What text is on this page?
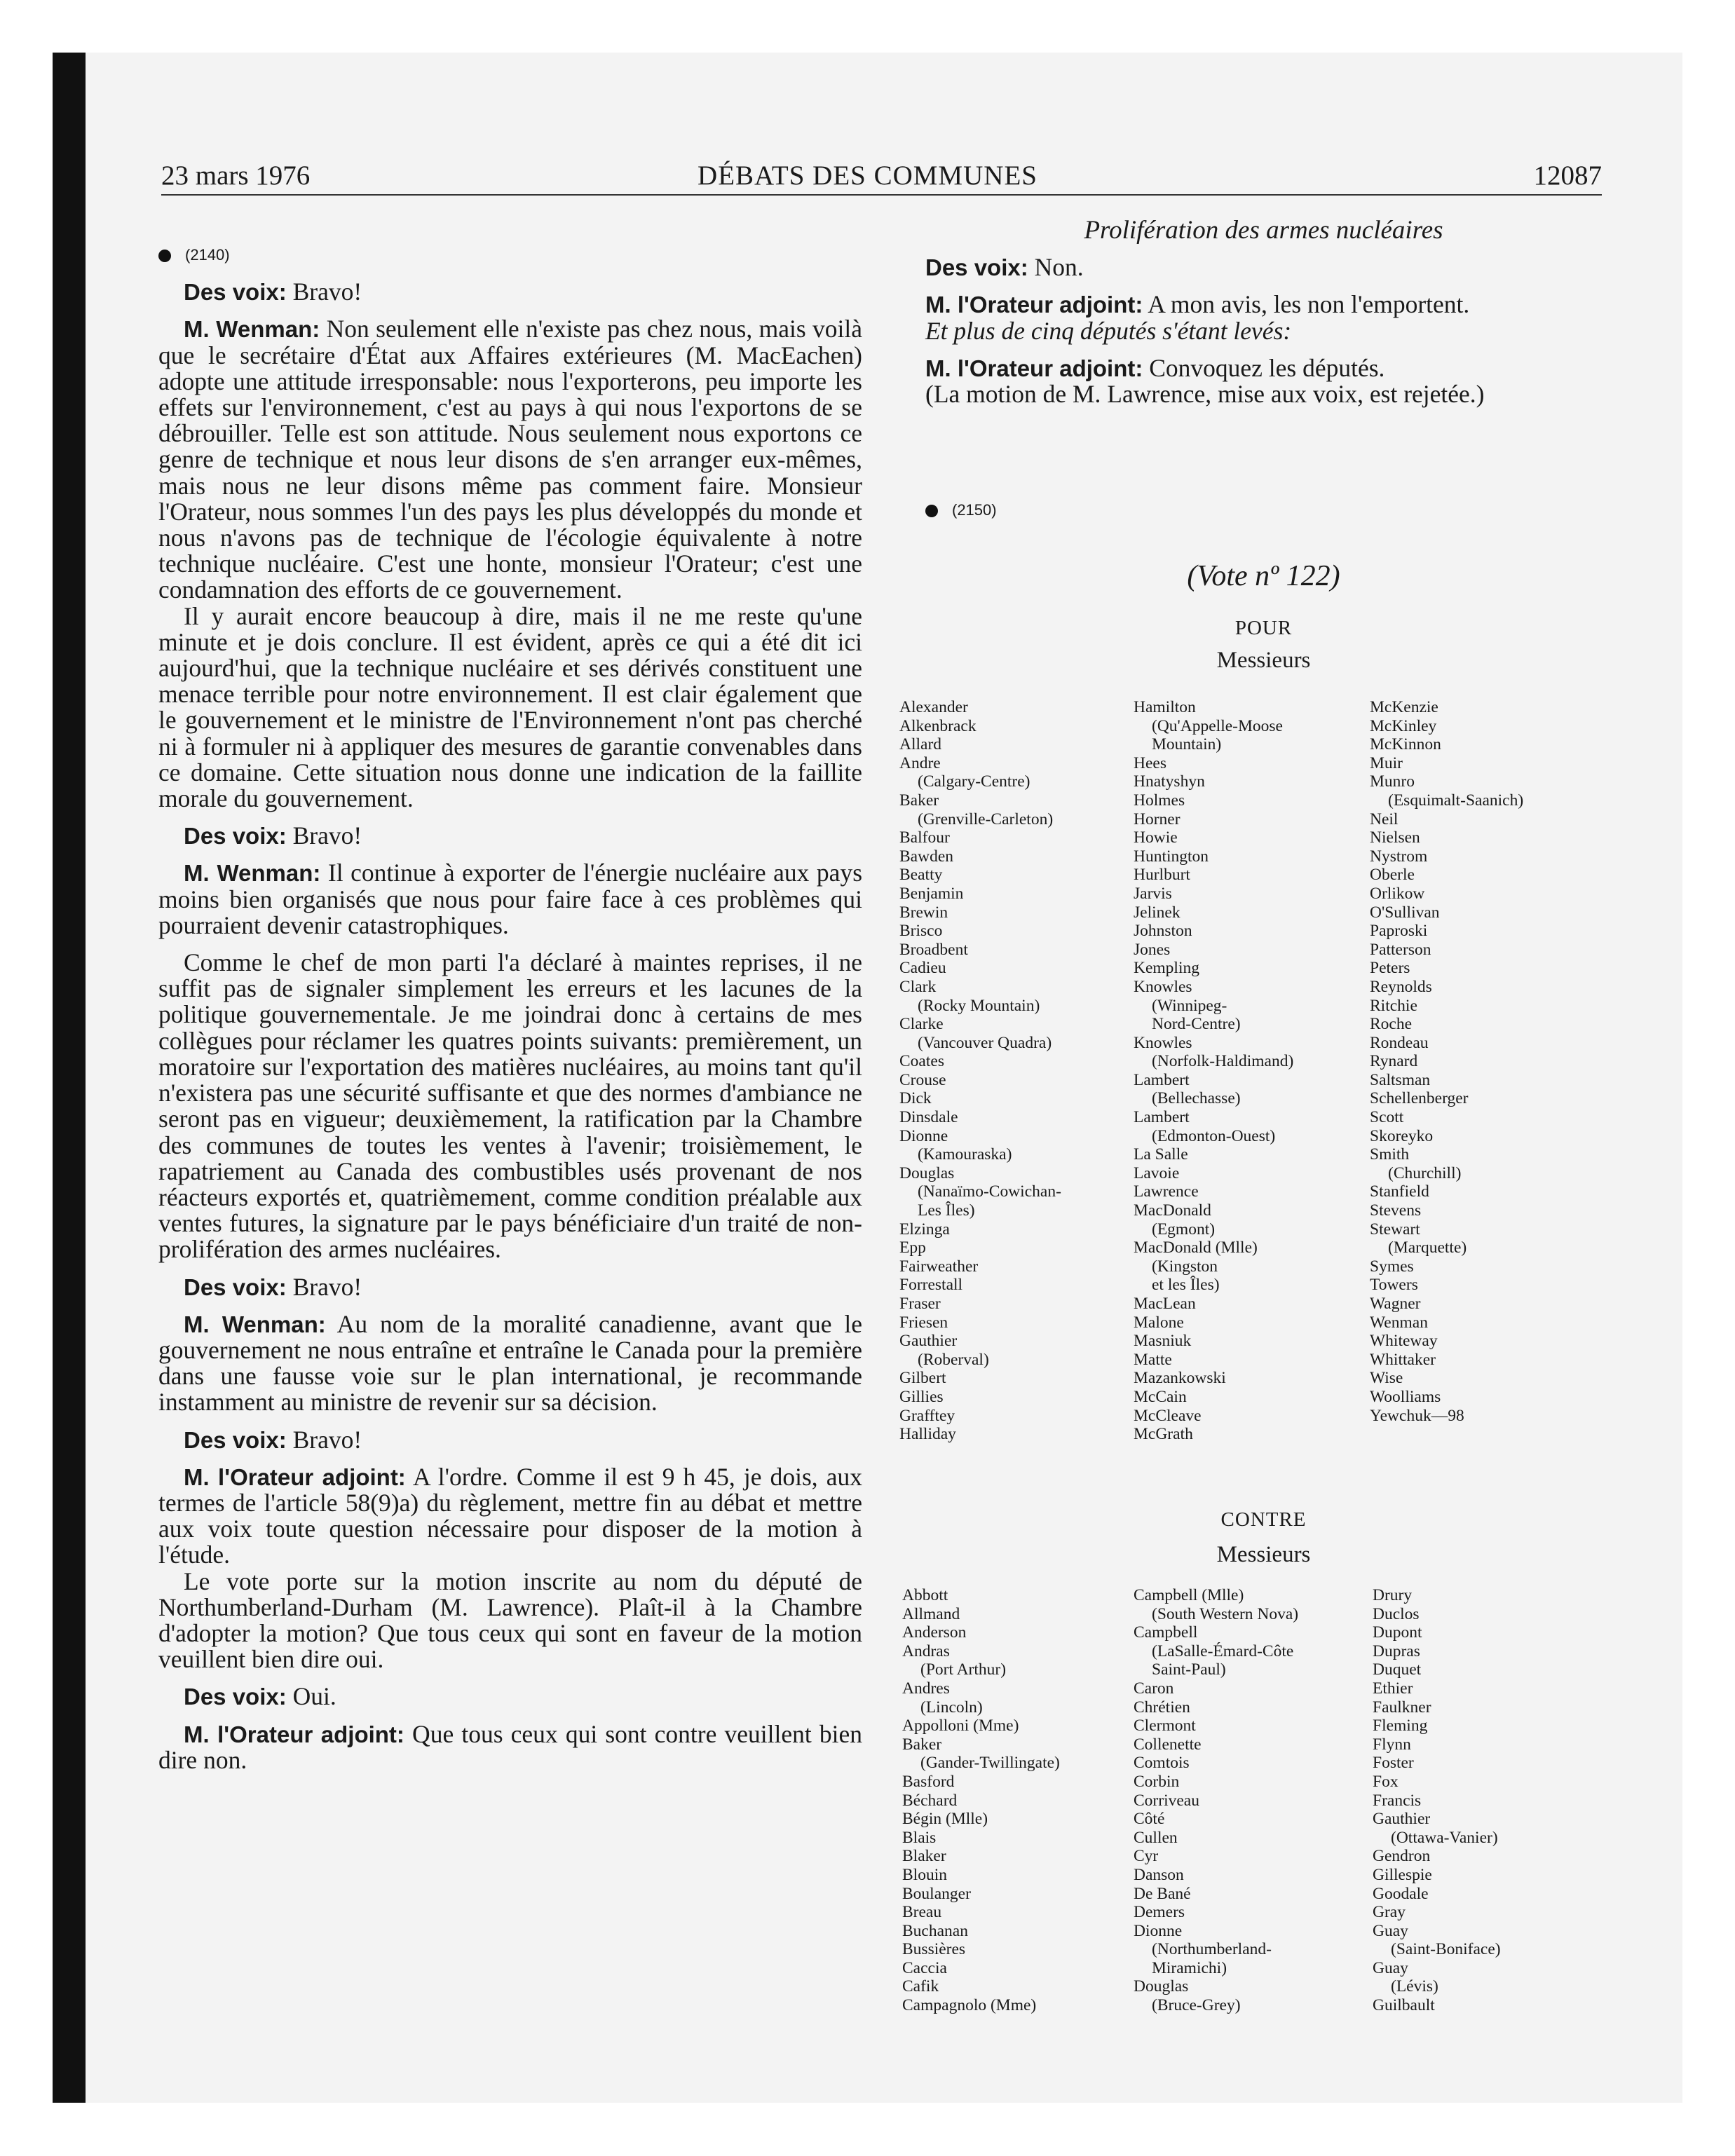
23 mars 1976	DÉBATS DES COMMUNES	12087

(2140)

Des voix: Bravo!

M. Wenman: Non seulement elle n'existe pas chez nous, mais voilà que le secrétaire d'État aux Affaires extérieures (M. MacEachen) adopte une attitude irresponsable: nous l'exporterons, peu importe les effets sur l'environnement, c'est au pays à qui nous l'exportons de se débrouiller. Telle est son attitude. Nous seulement nous exportons ce genre de technique et nous leur disons de s'en arranger eux-mêmes, mais nous ne leur disons même pas comment faire. Monsieur l'Orateur, nous sommes l'un des pays les plus développés du monde et nous n'avons pas de technique de l'écologie équivalente à notre technique nucléaire. C'est une honte, monsieur l'Orateur; c'est une condamnation des efforts de ce gouvernement.

Il y aurait encore beaucoup à dire, mais il ne me reste qu'une minute et je dois conclure. Il est évident, après ce qui a été dit ici aujourd'hui, que la technique nucléaire et ses dérivés constituent une menace terrible pour notre environnement. Il est clair également que le gouvernement et le ministre de l'Environnement n'ont pas cherché ni à formuler ni à appliquer des mesures de garantie convenables dans ce domaine. Cette situation nous donne une indication de la faillite morale du gouvernement.

Des voix: Bravo!

M. Wenman: Il continue à exporter de l'énergie nucléaire aux pays moins bien organisés que nous pour faire face à ces problèmes qui pourraient devenir catastrophiques.

Comme le chef de mon parti l'a déclaré à maintes reprises, il ne suffit pas de signaler simplement les erreurs et les lacunes de la politique gouvernementale. Je me joindrai donc à certains de mes collègues pour réclamer les quatres points suivants: premièrement, un moratoire sur l'exportation des matières nucléaires, au moins tant qu'il n'existera pas une sécurité suffisante et que des normes d'ambiance ne seront pas en vigueur; deuxièmement, la ratification par la Chambre des communes de toutes les ventes à l'avenir; troisièmement, le rapatriement au Canada des combustibles usés provenant de nos réacteurs exportés et, quatrièmement, comme condition préalable aux ventes futures, la signature par le pays bénéficiaire d'un traité de non-prolifération des armes nucléaires.

Des voix: Bravo!

M. Wenman: Au nom de la moralité canadienne, avant que le gouvernement ne nous entraîne et entraîne le Canada pour la première dans une fausse voie sur le plan international, je recommande instamment au ministre de revenir sur sa décision.

Des voix: Bravo!

M. l'Orateur adjoint: A l'ordre. Comme il est 9 h 45, je dois, aux termes de l'article 58(9)a) du règlement, mettre fin au débat et mettre aux voix toute question nécessaire pour disposer de la motion à l'étude.

Le vote porte sur la motion inscrite au nom du député de Northumberland-Durham (M. Lawrence). Plaît-il à la Chambre d'adopter la motion? Que tous ceux qui sont en faveur de la motion veuillent bien dire oui.

Des voix: Oui.

M. l'Orateur adjoint: Que tous ceux qui sont contre veuillent bien dire non.

Prolifération des armes nucléaires

Des voix: Non.

M. l'Orateur adjoint: A mon avis, les non l'emportent.

Et plus de cinq députés s'étant levés:

M. l'Orateur adjoint: Convoquez les députés.

(La motion de M. Lawrence, mise aux voix, est rejetée.)

(2150)

(Vote nº 122)
POUR
Messieurs
Alexander
Alkenbrack
Allard
Andre
(Calgary-Centre)
Baker
(Grenville-Carleton)
Balfour
Bawden
Beatty
Benjamin
Brewin
Brisco
Broadbent
Cadieu
Clark
(Rocky Mountain)
Clarke
(Vancouver Quadra)
Coates
Crouse
Dick
Dinsdale
Dionne
(Kamouraska)
Douglas
(Nanaïmo-Cowichan-
Les Îles)
Elzinga
Epp
Fairweather
Forrestall
Fraser
Friesen
Gauthier
(Roberval)
Gilbert
Gillies
Grafftey
Halliday
Hamilton
(Qu'Appelle-Moose
Mountain)
Hees
Hnatyshyn
Holmes
Horner
Howie
Huntington
Hurlburt
Jarvis
Jelinek
Johnston
Jones
Kempling
Knowles
(Winnipeg-
Nord-Centre)
Knowles
(Norfolk-Haldimand)
Lambert
(Bellechasse)
Lambert
(Edmonton-Ouest)
La Salle
Lavoie
Lawrence
MacDonald
(Egmont)
MacDonald (Mlle)
(Kingston
et les Îles)
MacLean
Malone
Masniuk
Matte
Mazankowski
McCain
McCleave
McGrath
McKenzie
McKinley
McKinnon
Muir
Munro
(Esquimalt-Saanich)
Neil
Nielsen
Nystrom
Oberle
Orlikow
O'Sullivan
Paproski
Patterson
Peters
Reynolds
Ritchie
Roche
Rondeau
Rynard
Saltsman
Schellenberger
Scott
Skoreyko
Smith
(Churchill)
Stanfield
Stevens
Stewart
(Marquette)
Symes
Towers
Wagner
Wenman
Whiteway
Whittaker
Wise
Woolliams
Yewchuk—98
CONTRE
Messieurs
Abbott
Allmand
Anderson
Andras
(Port Arthur)
Andres
(Lincoln)
Appolloni (Mme)
Baker
(Gander-Twillingate)
Basford
Béchard
Bégin (Mlle)
Blais
Blaker
Blouin
Boulanger
Breau
Buchanan
Bussières
Caccia
Cafik
Campagnolo (Mme)
Campbell (Mlle)
(South Western Nova)
Campbell
(LaSalle-Émard-Côte
Saint-Paul)
Caron
Chrétien
Clermont
Collenette
Comtois
Corbin
Corriveau
Côté
Cullen
Cyr
Danson
De Bané
Demers
Dionne
(Northumberland-
Miramichi)
Douglas
(Bruce-Grey)
Drury
Duclos
Dupont
Dupras
Duquet
Ethier
Faulkner
Fleming
Flynn
Foster
Fox
Francis
Gauthier
(Ottawa-Vanier)
Gendron
Gillespie
Goodale
Gray
Guay
(Saint-Boniface)
Guay
(Lévis)
Guilbault
